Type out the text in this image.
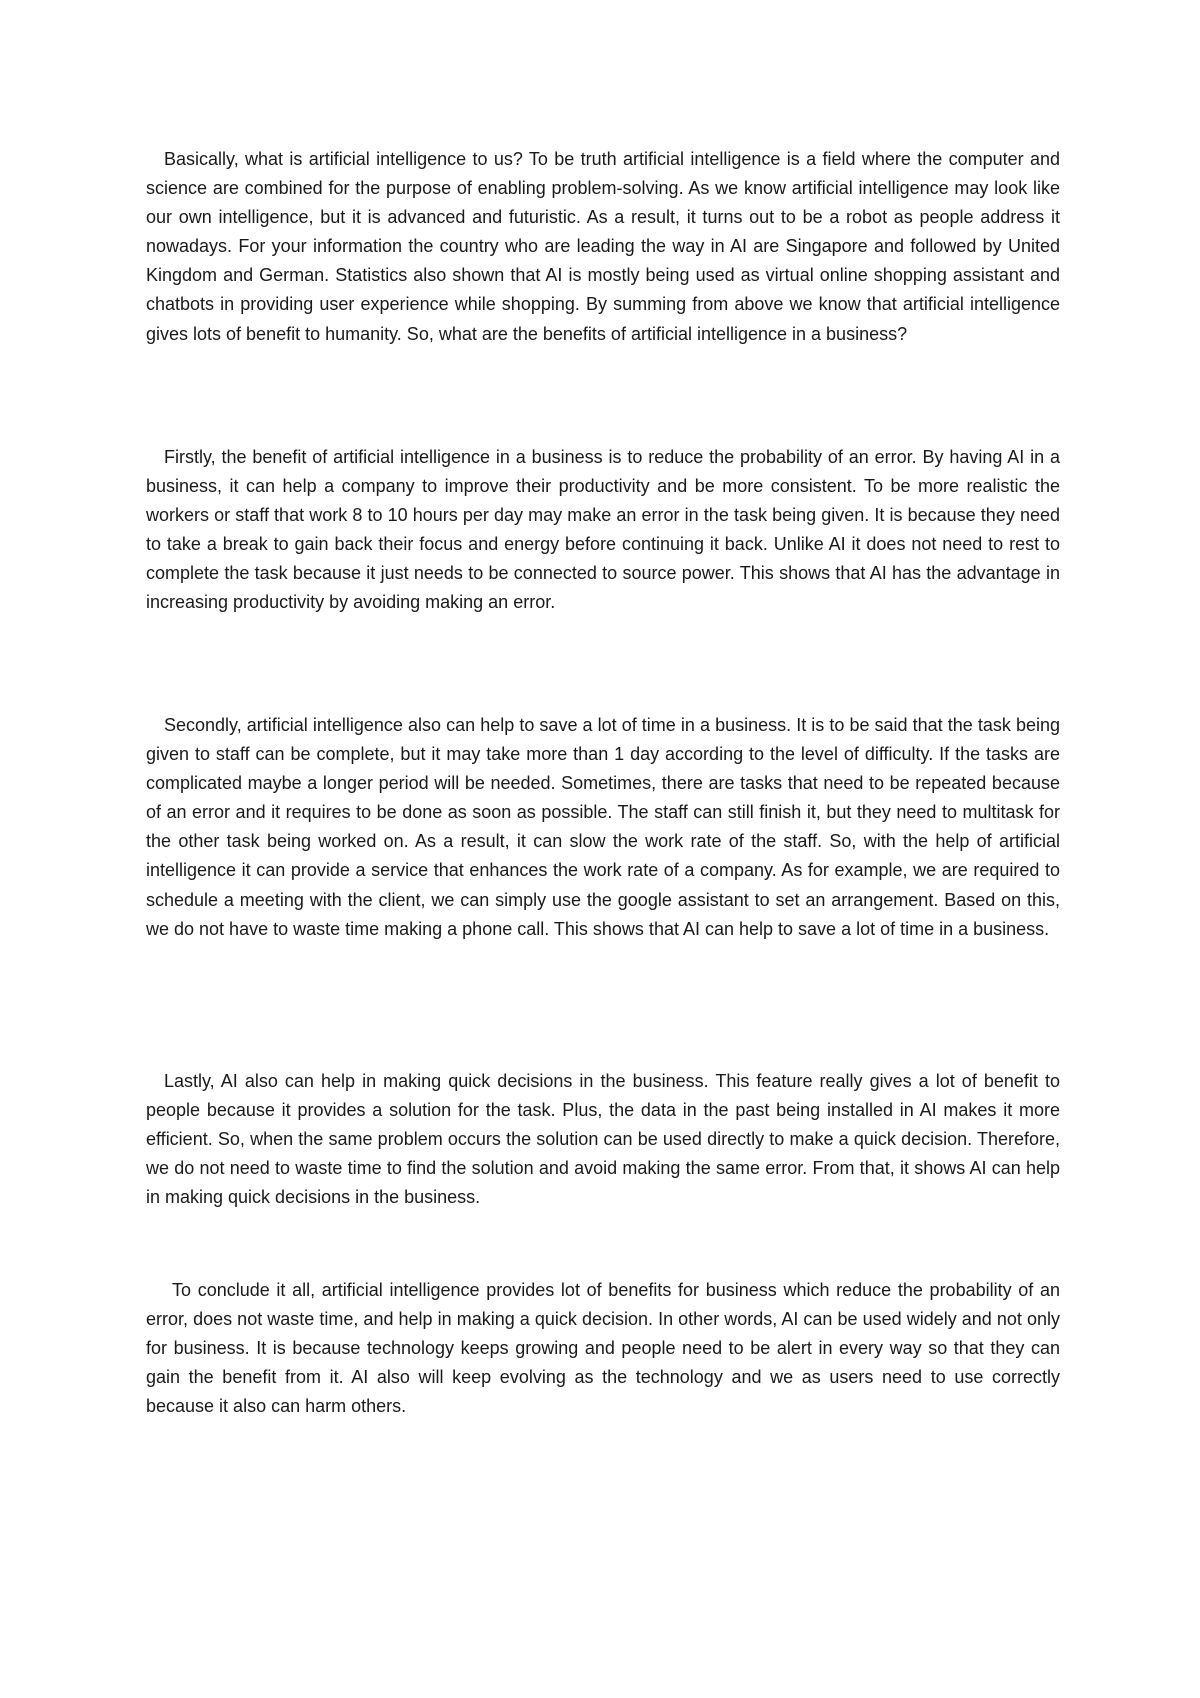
Basically, what is artificial intelligence to us? To be truth artificial intelligence is a field where the computer and science are combined for the purpose of enabling problem-solving. As we know artificial intelligence may look like our own intelligence, but it is advanced and futuristic. As a result, it turns out to be a robot as people address it nowadays. For your information the country who are leading the way in AI are Singapore and followed by United Kingdom and German. Statistics also shown that AI is mostly being used as virtual online shopping assistant and chatbots in providing user experience while shopping. By summing from above we know that artificial intelligence gives lots of benefit to humanity. So, what are the benefits of artificial intelligence in a business?

Firstly, the benefit of artificial intelligence in a business is to reduce the probability of an error. By having AI in a business, it can help a company to improve their productivity and be more consistent. To be more realistic the workers or staff that work 8 to 10 hours per day may make an error in the task being given. It is because they need to take a break to gain back their focus and energy before continuing it back. Unlike AI it does not need to rest to complete the task because it just needs to be connected to source power. This shows that AI has the advantage in increasing productivity by avoiding making an error.

Secondly, artificial intelligence also can help to save a lot of time in a business. It is to be said that the task being given to staff can be complete, but it may take more than 1 day according to the level of difficulty. If the tasks are complicated maybe a longer period will be needed. Sometimes, there are tasks that need to be repeated because of an error and it requires to be done as soon as possible. The staff can still finish it, but they need to multitask for the other task being worked on. As a result, it can slow the work rate of the staff. So, with the help of artificial intelligence it can provide a service that enhances the work rate of a company. As for example, we are required to schedule a meeting with the client, we can simply use the google assistant to set an arrangement. Based on this, we do not have to waste time making a phone call. This shows that AI can help to save a lot of time in a business.

Lastly, AI also can help in making quick decisions in the business. This feature really gives a lot of benefit to people because it provides a solution for the task. Plus, the data in the past being installed in AI makes it more efficient. So, when the same problem occurs the solution can be used directly to make a quick decision. Therefore, we do not need to waste time to find the solution and avoid making the same error. From that, it shows AI can help in making quick decisions in the business.

To conclude it all, artificial intelligence provides lot of benefits for business which reduce the probability of an error, does not waste time, and help in making a quick decision. In other words, AI can be used widely and not only for business. It is because technology keeps growing and people need to be alert in every way so that they can gain the benefit from it. AI also will keep evolving as the technology and we as users need to use correctly because it also can harm others.
